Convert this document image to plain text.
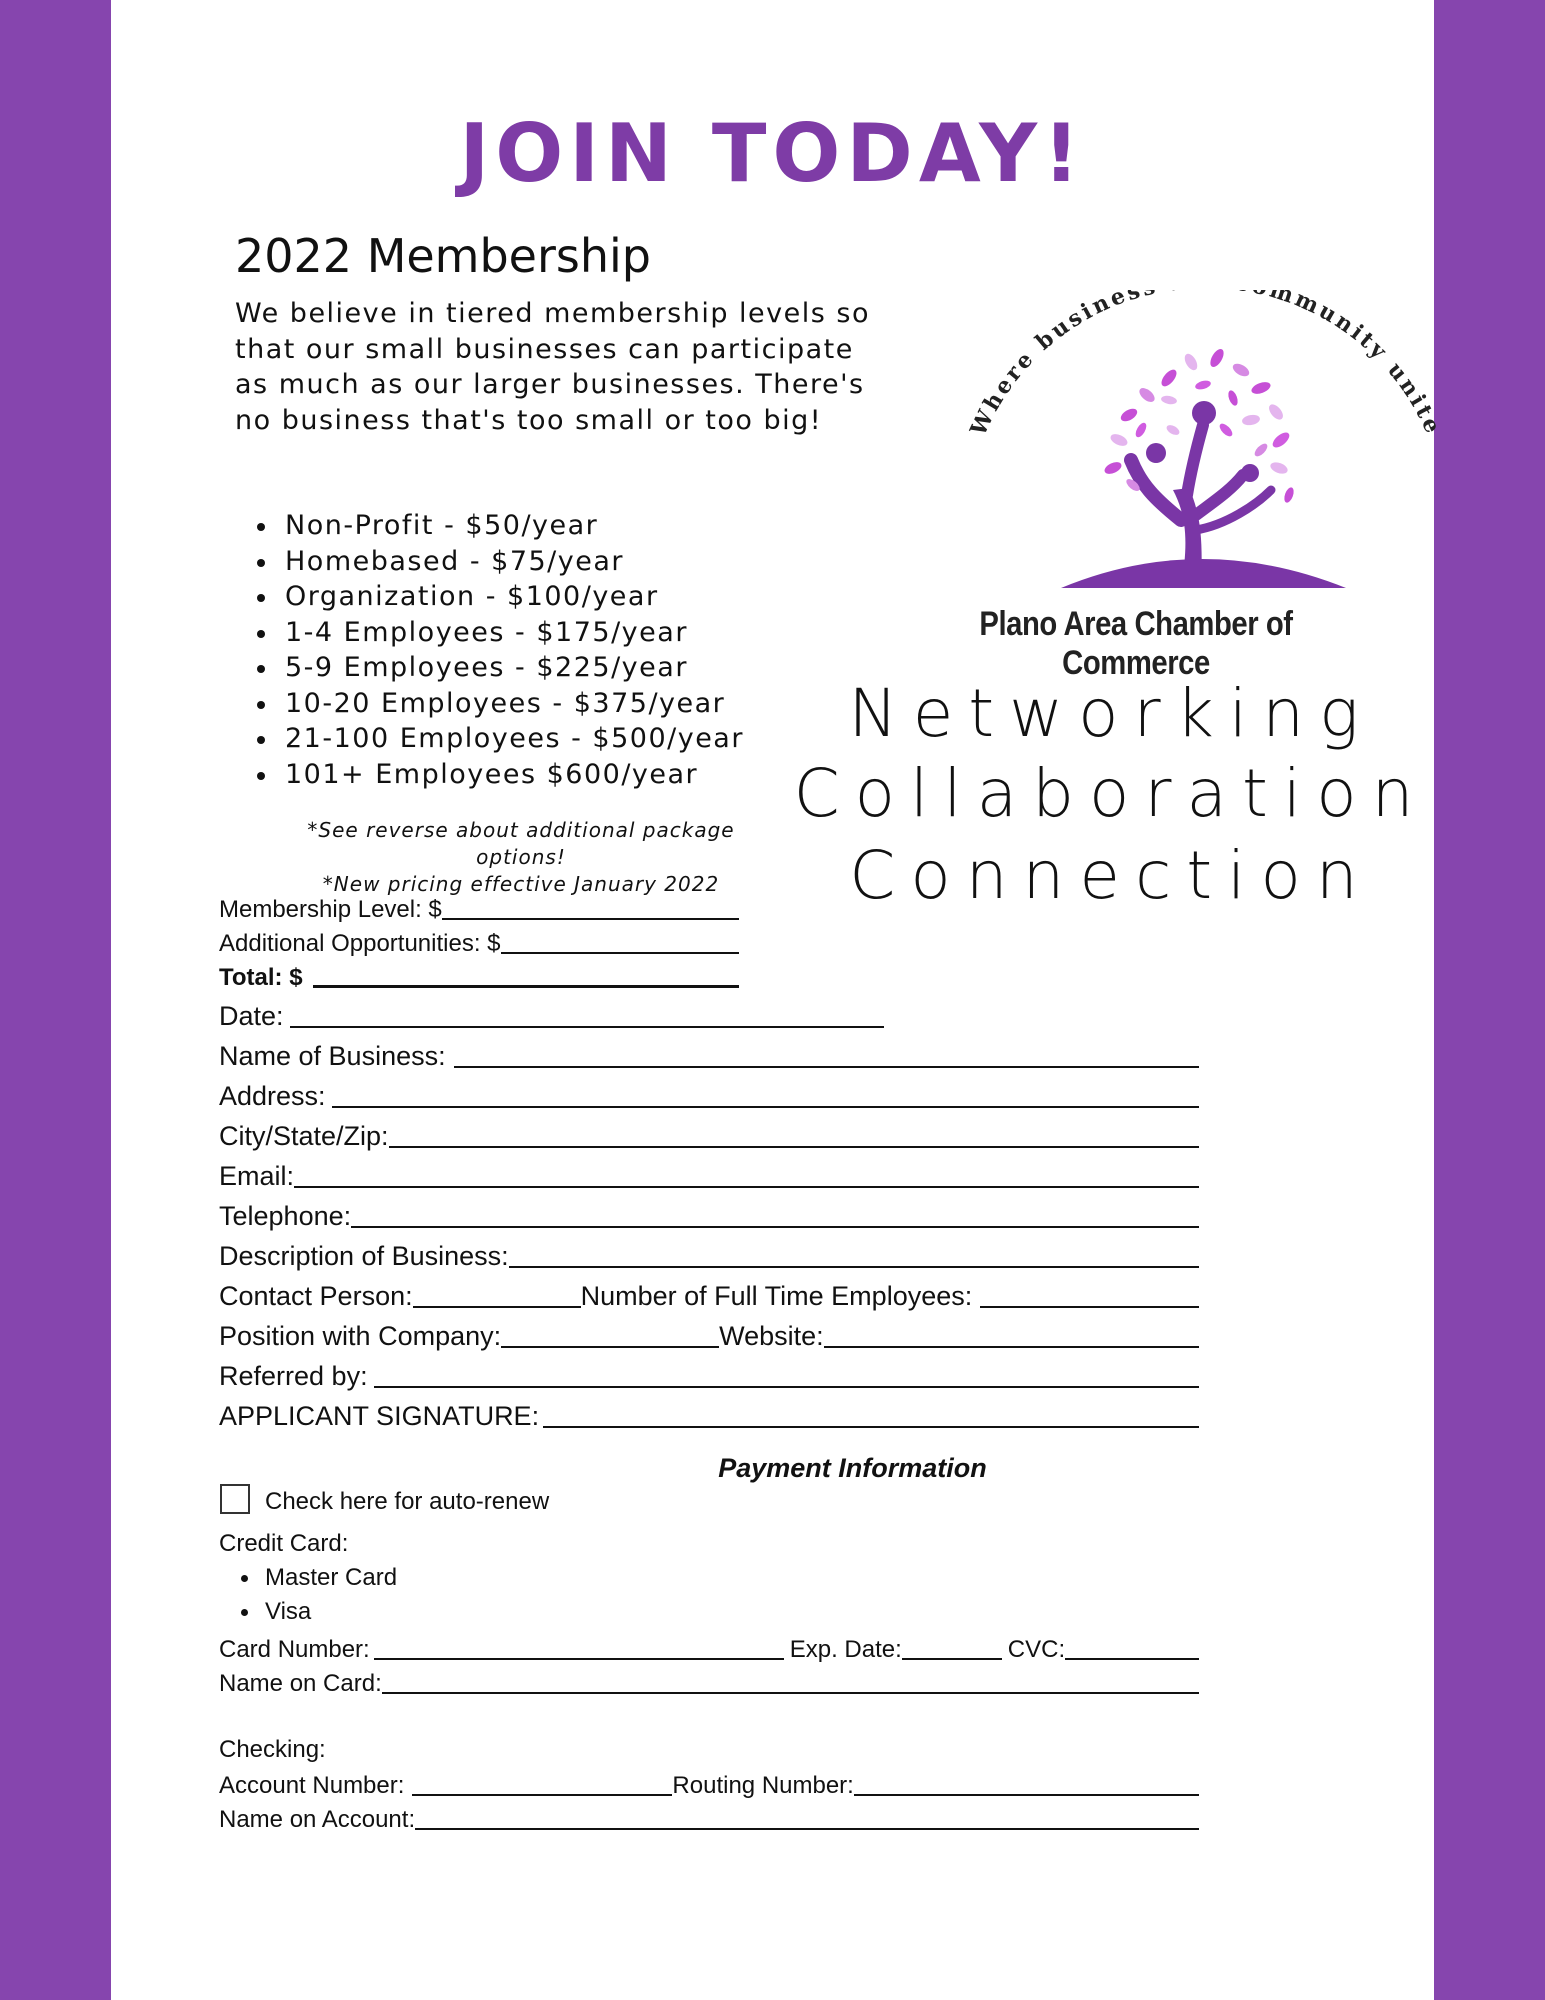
JOIN TODAY!
2022 Membership
We believe in tiered membership levels so that our small businesses can participate as much as our larger businesses. There's no business that's too small or too big!
Non-Profit - $50/year
Homebased - $75/year
Organization - $100/year
1-4 Employees - $175/year
5-9 Employees - $225/year
10-20 Employees - $375/year
21-100 Employees - $500/year
101+ Employees $600/year
*See reverse about additional package options!
*New pricing effective January 2022
Where busines mmunity unite
Plano Area Chamber of Commerce
Networking
Collaboration
Connection
Membership Level: $
Additional Opportunities: $
Total: $
Date:
Name of Business:
Address:
City/State/Zip:
Email:
Telephone:
Description of Business:
Contact Person:	Number of Full Time Employees:
Position with Company:	Website:
Referred by:
APPLICANT SIGNATURE:
Payment Information
Check here for auto-renew
Credit Card:
Master Card
Visa
Card Number:	Exp. Date:	CVC:
Name on Card:
Checking:
Account Number:	Routing Number:
Name on Account:
